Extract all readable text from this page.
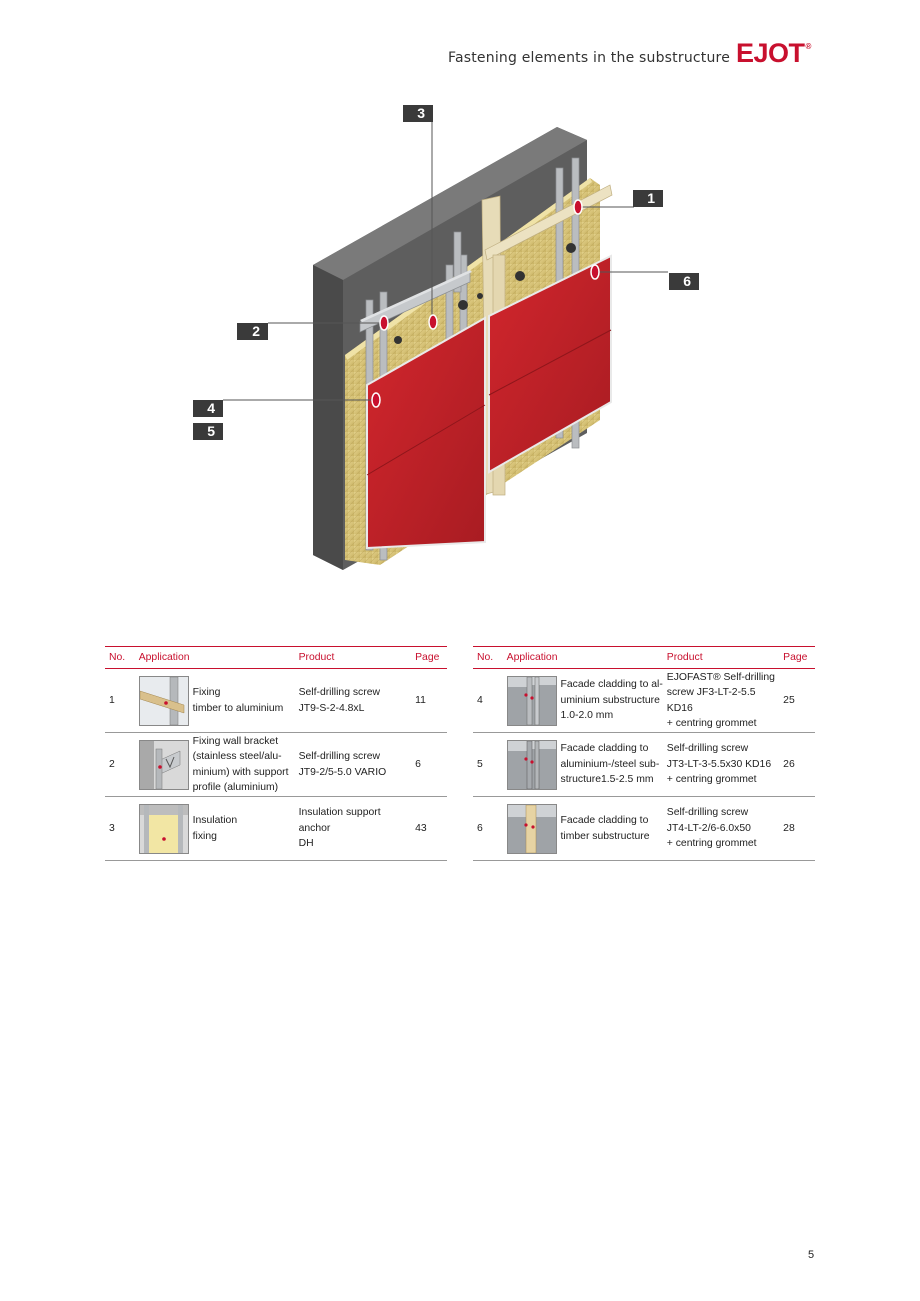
Fastening elements in the substructure EJOT®
3
1
6
2
4
5
No.	Application		Product	Page
1		Fixing
timber to aluminium	Self-drilling screw
JT9-S-2-4.8xL	11
2		Fixing wall bracket
(stainless steel/alu-
minium) with support
profile (aluminium)	Self-drilling screw
JT9-2/5-5.0 VARIO	6
3		Insulation
fixing	Insulation support anchor
DH	43
No.	Application		Product	Page
4		Facade cladding to al-
uminium substructure
1.0-2.0 mm	EJOFAST® Self-drilling
screw JF3-LT-2-5.5 KD16
+ centring grommet	25
5		Facade cladding to
aluminium-/steel sub-
structure1.5-2.5 mm	Self-drilling screw
JT3-LT-3-5.5x30 KD16
+ centring grommet	26
6		Facade cladding to
timber substructure	Self-drilling screw
JT4-LT-2/6-6.0x50
+ centring grommet	28
5
